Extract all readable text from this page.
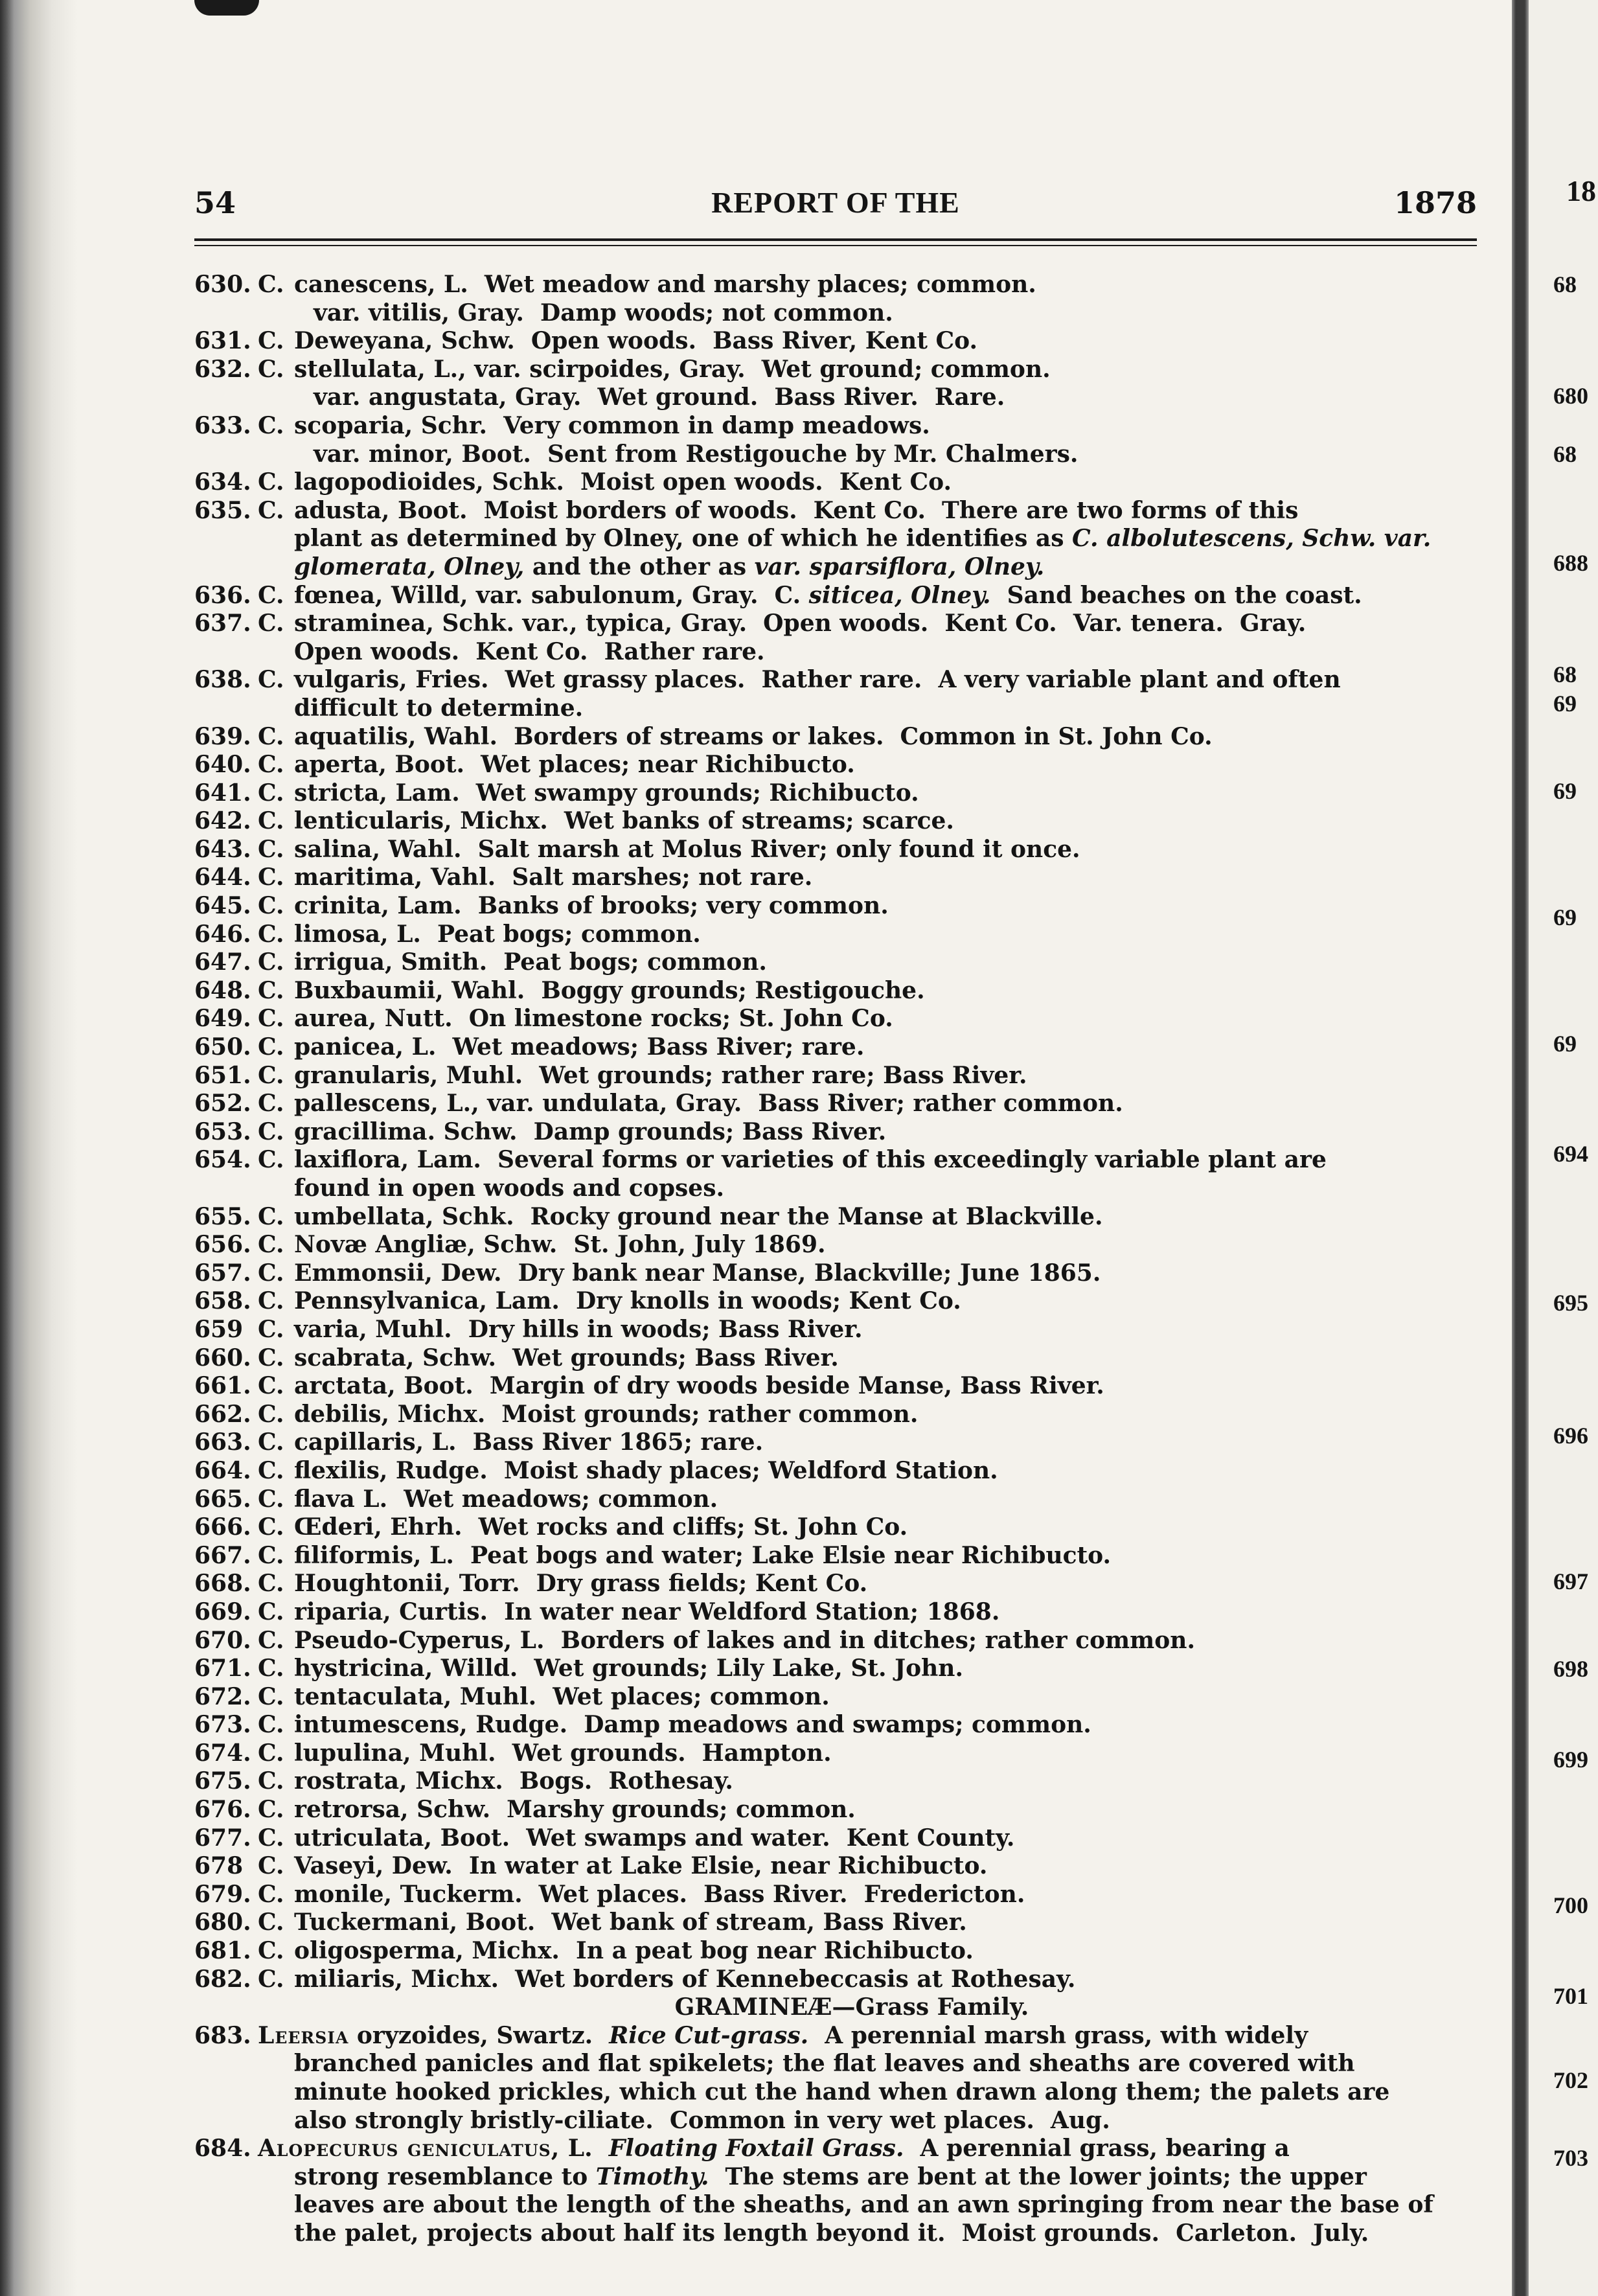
54	REPORT OF THE	1878
630. C. canescens, L.  Wet meadow and marshy places; common.
var. vitilis, Gray.  Damp woods; not common.
631. C. Deweyana, Schw.  Open woods.  Bass River, Kent Co.
632. C. stellulata, L., var. scirpoides, Gray.  Wet ground; common.
var. angustata, Gray.  Wet ground.  Bass River.  Rare.
633. C. scoparia, Schr.  Very common in damp meadows.
var. minor, Boot.  Sent from Restigouche by Mr. Chalmers.
634. C. lagopodioides, Schk.  Moist open woods.  Kent Co.
635. C. adusta, Boot.  Moist borders of woods.  Kent Co.  There are two forms of this
plant as determined by Olney, one of which he identifies as C. albolutescens, Schw. var.
glomerata, Olney, and the other as var. sparsiflora, Olney.
636. C. fœnea, Willd, var. sabulonum, Gray.  C. siticea, Olney.  Sand beaches on the coast.
637. C. straminea, Schk. var., typica, Gray.  Open woods.  Kent Co.  Var. tenera.  Gray.
Open woods.  Kent Co.  Rather rare.
638. C. vulgaris, Fries.  Wet grassy places.  Rather rare.  A very variable plant and often
difficult to determine.
639. C. aquatilis, Wahl.  Borders of streams or lakes.  Common in St. John Co.
640. C. aperta, Boot.  Wet places; near Richibucto.
641. C. stricta, Lam.  Wet swampy grounds; Richibucto.
642. C. lenticularis, Michx.  Wet banks of streams; scarce.
643. C. salina, Wahl.  Salt marsh at Molus River; only found it once.
644. C. maritima, Vahl.  Salt marshes; not rare.
645. C. crinita, Lam.  Banks of brooks; very common.
646. C. limosa, L.  Peat bogs; common.
647. C. irrigua, Smith.  Peat bogs; common.
648. C. Buxbaumii, Wahl.  Boggy grounds; Restigouche.
649. C. aurea, Nutt.  On limestone rocks; St. John Co.
650. C. panicea, L.  Wet meadows; Bass River; rare.
651. C. granularis, Muhl.  Wet grounds; rather rare; Bass River.
652. C. pallescens, L., var. undulata, Gray.  Bass River; rather common.
653. C. gracillima. Schw.  Damp grounds; Bass River.
654. C. laxiflora, Lam.  Several forms or varieties of this exceedingly variable plant are
found in open woods and copses.
655. C. umbellata, Schk.  Rocky ground near the Manse at Blackville.
656. C. Novæ Angliæ, Schw.  St. John, July 1869.
657. C. Emmonsii, Dew.  Dry bank near Manse, Blackville; June 1865.
658. C. Pennsylvanica, Lam.  Dry knolls in woods; Kent Co.
659 C. varia, Muhl.  Dry hills in woods; Bass River.
660. C. scabrata, Schw.  Wet grounds; Bass River.
661. C. arctata, Boot.  Margin of dry woods beside Manse, Bass River.
662. C. debilis, Michx.  Moist grounds; rather common.
663. C. capillaris, L.  Bass River 1865; rare.
664. C. flexilis, Rudge.  Moist shady places; Weldford Station.
665. C. flava L.  Wet meadows; common.
666. C. Œderi, Ehrh.  Wet rocks and cliffs; St. John Co.
667. C. filiformis, L.  Peat bogs and water; Lake Elsie near Richibucto.
668. C. Houghtonii, Torr.  Dry grass fields; Kent Co.
669. C. riparia, Curtis.  In water near Weldford Station; 1868.
670. C. Pseudo-Cyperus, L.  Borders of lakes and in ditches; rather common.
671. C. hystricina, Willd.  Wet grounds; Lily Lake, St. John.
672. C. tentaculata, Muhl.  Wet places; common.
673. C. intumescens, Rudge.  Damp meadows and swamps; common.
674. C. lupulina, Muhl.  Wet grounds.  Hampton.
675. C. rostrata, Michx.  Bogs.  Rothesay.
676. C. retrorsa, Schw.  Marshy grounds; common.
677. C. utriculata, Boot.  Wet swamps and water.  Kent County.
678 C. Vaseyi, Dew.  In water at Lake Elsie, near Richibucto.
679. C. monile, Tuckerm.  Wet places.  Bass River.  Fredericton.
680. C. Tuckermani, Boot.  Wet bank of stream, Bass River.
681. C. oligosperma, Michx.  In a peat bog near Richibucto.
682. C. miliaris, Michx.  Wet borders of Kennebeccasis at Rothesay.
GRAMINEÆ—Grass Family.
683. Leersia oryzoides, Swartz.  Rice Cut-grass.  A perennial marsh grass, with widely
branched panicles and flat spikelets; the flat leaves and sheaths are covered with
minute hooked prickles, which cut the hand when drawn along them; the palets are
also strongly bristly-ciliate.  Common in very wet places.  Aug.
684. Alopecurus geniculatus, L.  Floating Foxtail Grass.  A perennial grass, bearing a
strong resemblance to Timothy.  The stems are bent at the lower joints; the upper
leaves are about the length of the sheaths, and an awn springing from near the base of
the palet, projects about half its length beyond it.  Moist grounds.  Carleton.  July.
18
68
680
68
688
68
69
69
69
69
694
695
696
697
698
699
700
701
702
703
